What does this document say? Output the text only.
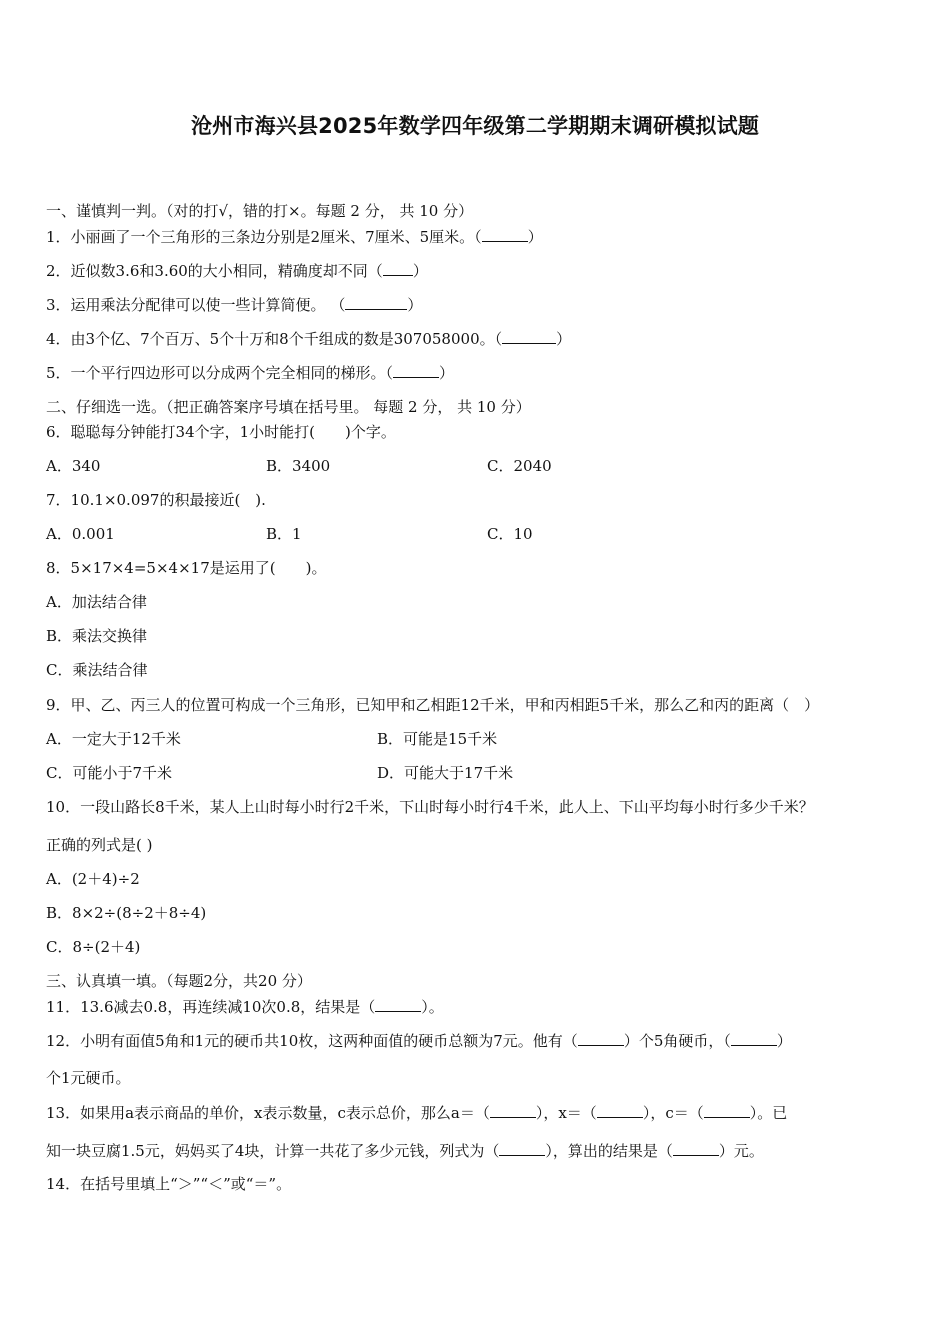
沧州市海兴县2025年数学四年级第二学期期末调研模拟试题
一、谨慎判一判。（对的打√，错的打×。每题 2 分， 共 10 分）
1．小丽画了一个三角形的三条边分别是2厘米、7厘米、5厘米。（	）
2．近似数3.6和3.60的大小相同，精确度却不同（ ）
3．运用乘法分配律可以使一些计算简便。 （	）
4．由3个亿、7个百万、5个十万和8个千组成的数是307058000。（	）
5．一个平行四边形可以分成两个完全相同的梯形。（	）
二、仔细选一选。（把正确答案序号填在括号里。 每题 2 分， 共 10 分）
6．聪聪每分钟能打34个字，1小时能打(　　)个字。
A．340	B．3400	C．2040
7．10.1×0.097的积最接近(　).
A．0.001	B．1	C．10
8．5×17×4=5×4×17是运用了(　　)。
A．加法结合律
B．乘法交换律
C．乘法结合律
9．甲、乙、丙三人的位置可构成一个三角形，已知甲和乙相距12千米，甲和丙相距5千米，那么乙和丙的距离（　）
A．一定大于12千米	B．可能是15千米
C．可能小于7千米	D．可能大于17千米
10．一段山路长8千米，某人上山时每小时行2千米，下山时每小时行4千米，此人上、下山平均每小时行多少千米？
正确的列式是( )
A．(2＋4)÷2
B．8×2÷(8÷2＋8÷4)
C．8÷(2＋4)
三、认真填一填。（每题2分，共20 分）
11．13.6减去0.8，再连续减10次0.8，结果是（	）。
12．小明有面值5角和1元的硬币共10枚，这两种面值的硬币总额为7元。他有（	）个5角硬币，（	）
个1元硬币。
13．如果用a表示商品的单价，x表示数量，c表示总价，那么a＝（	），x＝（	），c＝（	）。已
知一块豆腐1.5元，妈妈买了4块，计算一共花了多少元钱，列式为（	），算出的结果是（	）元。
14．在括号里填上“＞”“＜”或“＝”。
